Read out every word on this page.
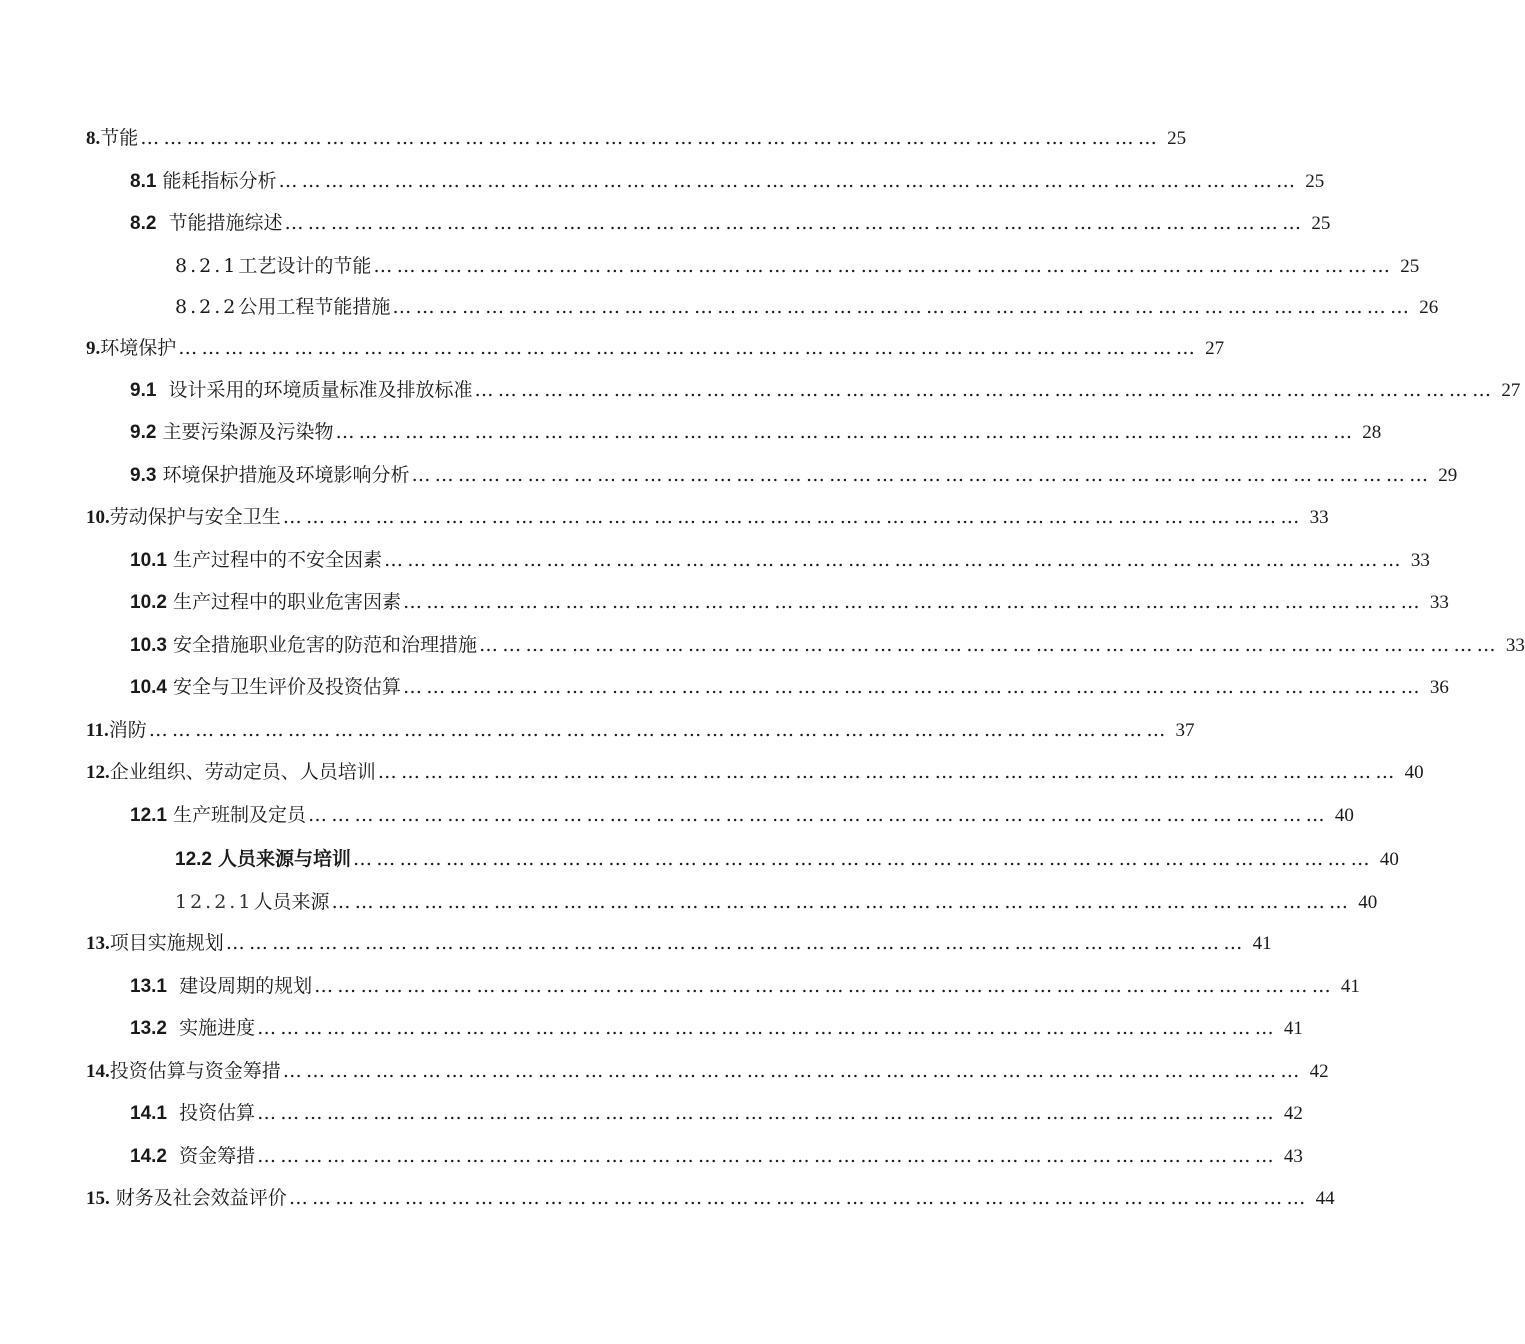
8. 节能 …………………………………………………………………………………………………………………… 25
8.1
能耗指标分析 …………………………………………………………………………………………………………………… 25
8.2
节能措施综述 …………………………………………………………………………………………………………………… 25
8.2.1 工艺设计的节能 …………………………………………………………………………………………………………………… 25
8.2.2 公用工程节能措施 …………………………………………………………………………………………………………………… 26
9. 环境保护 …………………………………………………………………………………………………………………… 27
9.1
设计采用的环境质量标准及排放标准 …………………………………………………………………………………………………………………… 27
9.2
主要污染源及污染物 …………………………………………………………………………………………………………………… 28
9.3
环境保护措施及环境影响分析 …………………………………………………………………………………………………………………… 29
10. 劳动保护与安全卫生 …………………………………………………………………………………………………………………… 33
10.1
生产过程中的不安全因素 …………………………………………………………………………………………………………………… 33
10.2
生产过程中的职业危害因素 …………………………………………………………………………………………………………………… 33
10.3
安全措施职业危害的防范和治理措施 …………………………………………………………………………………………………………………… 33
10.4
安全与卫生评价及投资估算 …………………………………………………………………………………………………………………… 36
11. 消防 …………………………………………………………………………………………………………………… 37
12. 企业组织、劳动定员、人员培训 …………………………………………………………………………………………………………………… 40
12.1
生产班制及定员 …………………………………………………………………………………………………………………… 40
12.2
人员来源与培训 …………………………………………………………………………………………………………………… 40
12.2.1 人员来源 …………………………………………………………………………………………………………………… 40
13. 项目实施规划 …………………………………………………………………………………………………………………… 41
13.1
建设周期的规划 …………………………………………………………………………………………………………………… 41
13.2
实施进度 …………………………………………………………………………………………………………………… 41
14. 投资估算与资金筹措 …………………………………………………………………………………………………………………… 42
14.1
投资估算 …………………………………………………………………………………………………………………… 42
14.2
资金筹措 …………………………………………………………………………………………………………………… 43
15.
财务及社会效益评价 …………………………………………………………………………………………………………………… 44
